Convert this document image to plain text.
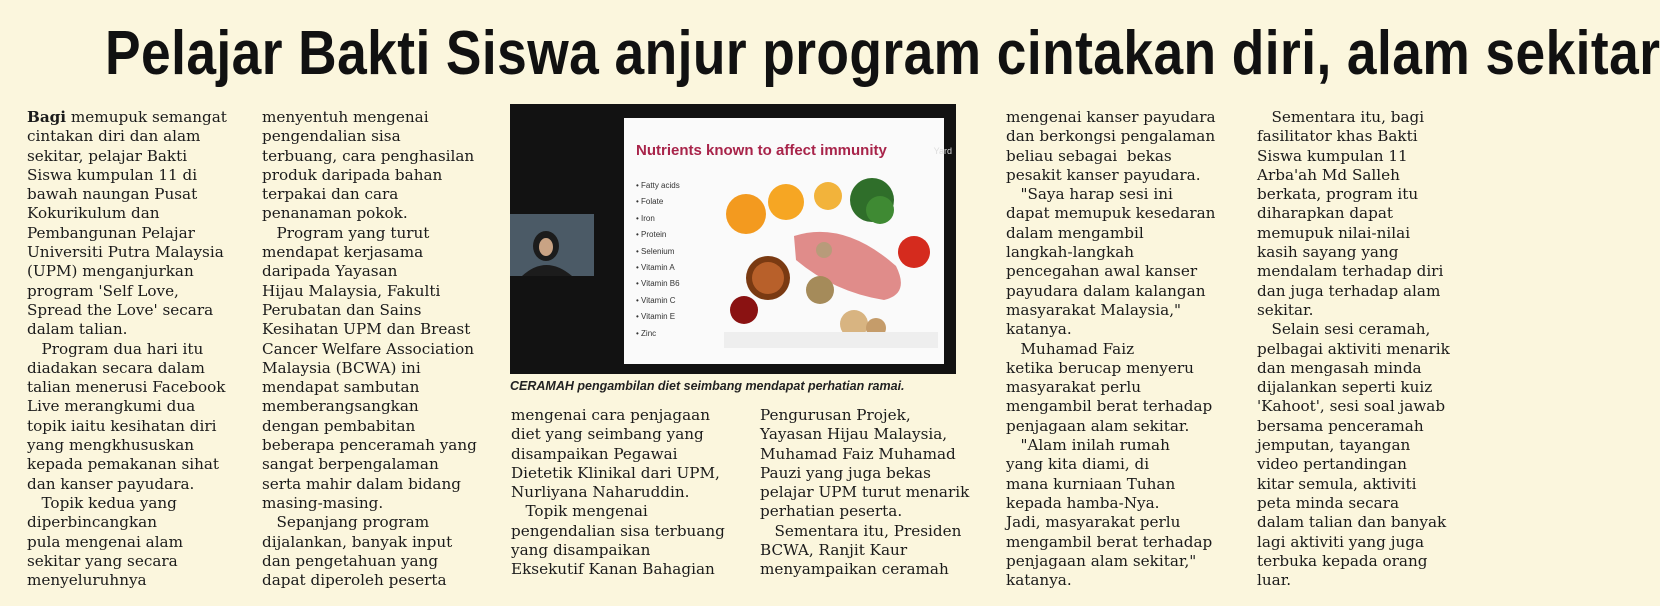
Pelajar Bakti Siswa anjur program cintakan diri, alam sekitar
Bagi memupuk semangat
cintakan diri dan alam
sekitar, pelajar Bakti
Siswa kumpulan 11 di
bawah naungan Pusat
Kokurikulum dan
Pembangunan Pelajar
Universiti Putra Malaysia
(UPM) menganjurkan
program 'Self Love,
Spread the Love' secara
dalam talian.
Program dua hari itu
diadakan secara dalam
talian menerusi Facebook
Live merangkumi dua
topik iaitu kesihatan diri
yang mengkhususkan
kepada pemakanan sihat
dan kanser payudara.
Topik kedua yang
diperbincangkan
pula mengenai alam
sekitar yang secara
menyeluruhnya
menyentuh mengenai
pengendalian sisa
terbuang, cara penghasilan
produk daripada bahan
terpakai dan cara
penanaman pokok.
Program yang turut
mendapat kerjasama
daripada Yayasan
Hijau Malaysia, Fakulti
Perubatan dan Sains
Kesihatan UPM dan Breast
Cancer Welfare Association
Malaysia (BCWA) ini
mendapat sambutan
memberangsangkan
dengan pembabitan
beberapa penceramah yang
sangat berpengalaman
serta mahir dalam bidang
masing-masing.
Sepanjang program
dijalankan, banyak input
dan pengetahuan yang
dapat diperoleh peserta
Nutrients known to affect immunity
• Fatty acids
• Folate
• Iron
• Protein
• Selenium
• Vitamin A
• Vitamin B6
• Vitamin C
• Vitamin E
• Zinc
Yard
CERAMAH pengambilan diet seimbang mendapat perhatian ramai.
mengenai cara penjagaan
diet yang seimbang yang
disampaikan Pegawai
Dietetik Klinikal dari UPM,
Nurliyana Naharuddin.
Topik mengenai
pengendalian sisa terbuang
yang disampaikan
Eksekutif Kanan Bahagian
Pengurusan Projek,
Yayasan Hijau Malaysia,
Muhamad Faiz Muhamad
Pauzi yang juga bekas
pelajar UPM turut menarik
perhatian peserta.
Sementara itu, Presiden
BCWA, Ranjit Kaur
menyampaikan ceramah
mengenai kanser payudara
dan berkongsi pengalaman
beliau sebagai  bekas
pesakit kanser payudara.
"Saya harap sesi ini
dapat memupuk kesedaran
dalam mengambil
langkah-langkah
pencegahan awal kanser
payudara dalam kalangan
masyarakat Malaysia,"
katanya.
Muhamad Faiz
ketika berucap menyeru
masyarakat perlu
mengambil berat terhadap
penjagaan alam sekitar.
"Alam inilah rumah
yang kita diami, di
mana kurniaan Tuhan
kepada hamba-Nya.
Jadi, masyarakat perlu
mengambil berat terhadap
penjagaan alam sekitar,"
katanya.
Sementara itu, bagi
fasilitator khas Bakti
Siswa kumpulan 11
Arba'ah Md Salleh
berkata, program itu
diharapkan dapat
memupuk nilai-nilai
kasih sayang yang
mendalam terhadap diri
dan juga terhadap alam
sekitar.
Selain sesi ceramah,
pelbagai aktiviti menarik
dan mengasah minda
dijalankan seperti kuiz
'Kahoot', sesi soal jawab
bersama penceramah
jemputan, tayangan
video pertandingan
kitar semula, aktiviti
peta minda secara
dalam talian dan banyak
lagi aktiviti yang juga
terbuka kepada orang
luar.
